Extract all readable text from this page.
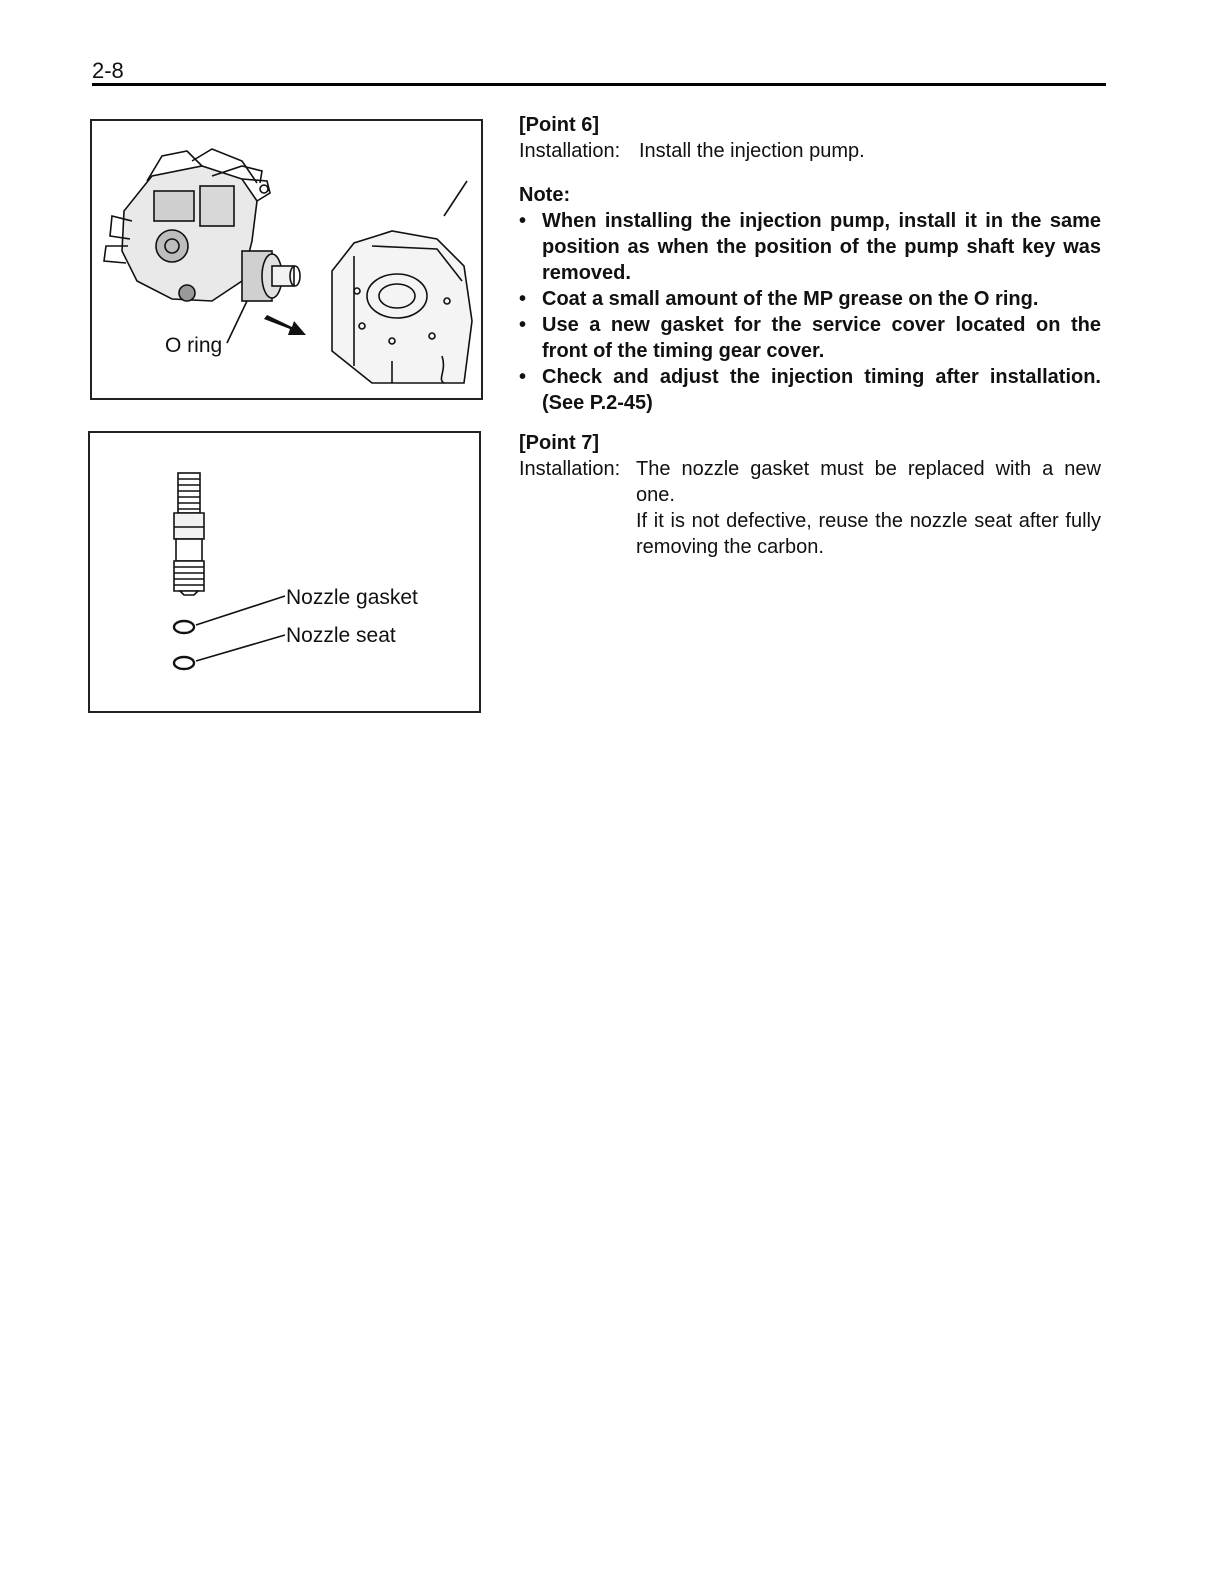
2-8
O ring
Nozzle gasket
Nozzle seat
[Point 6]
Installation: Install the injection pump.
Note:
• When installing the injection pump, install it in the same position as when the position of the pump shaft key was removed.
• Coat a small amount of the MP grease on the O ring.
• Use a new gasket for the service cover located on the front of the timing gear cover.
• Check and adjust the injection timing after installation. (See P.2-45)
[Point 7]
Installation: The nozzle gasket must be replaced with a new one.

If it is not defective, reuse the nozzle seat after fully removing the carbon.
